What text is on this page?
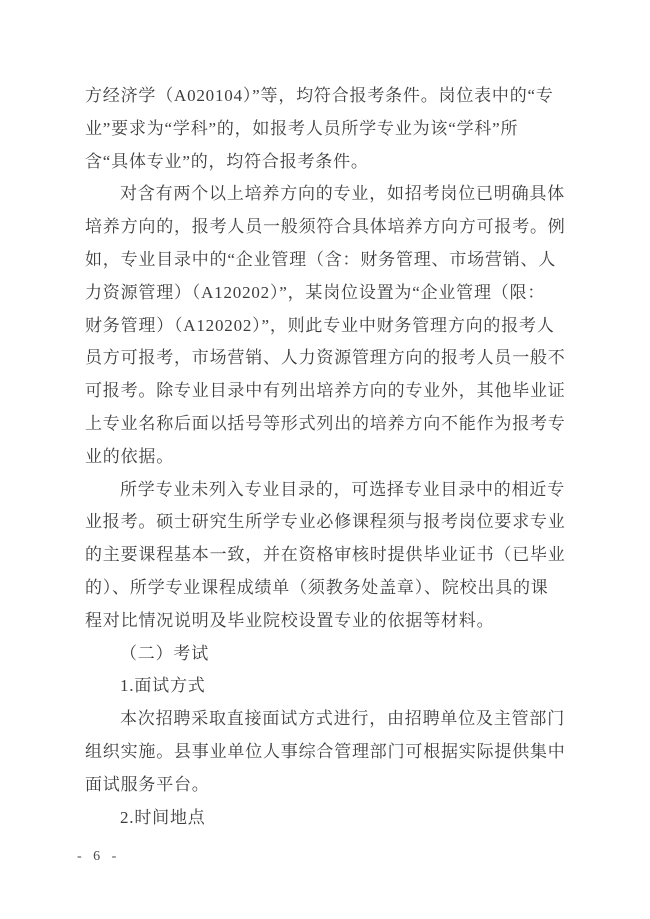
方经济学（A020104）”等，均符合报考条件。岗位表中的“专
业”要求为“学科”的，如报考人员所学专业为该“学科”所
含“具体专业”的，均符合报考条件。
对含有两个以上培养方向的专业，如招考岗位已明确具体
培养方向的，报考人员一般须符合具体培养方向方可报考。例
如，专业目录中的“企业管理（含：财务管理、市场营销、人
力资源管理）（A120202）”，某岗位设置为“企业管理（限：
财务管理）（A120202）”，则此专业中财务管理方向的报考人
员方可报考，市场营销、人力资源管理方向的报考人员一般不
可报考。除专业目录中有列出培养方向的专业外，其他毕业证
上专业名称后面以括号等形式列出的培养方向不能作为报考专
业的依据。
所学专业未列入专业目录的，可选择专业目录中的相近专
业报考。硕士研究生所学专业必修课程须与报考岗位要求专业
的主要课程基本一致，并在资格审核时提供毕业证书（已毕业
的）、所学专业课程成绩单（须教务处盖章）、院校出具的课
程对比情况说明及毕业院校设置专业的依据等材料。
（二）考试
1.面试方式
本次招聘采取直接面试方式进行，由招聘单位及主管部门
组织实施。县事业单位人事综合管理部门可根据实际提供集中
面试服务平台。
2.时间地点
- 6 -
